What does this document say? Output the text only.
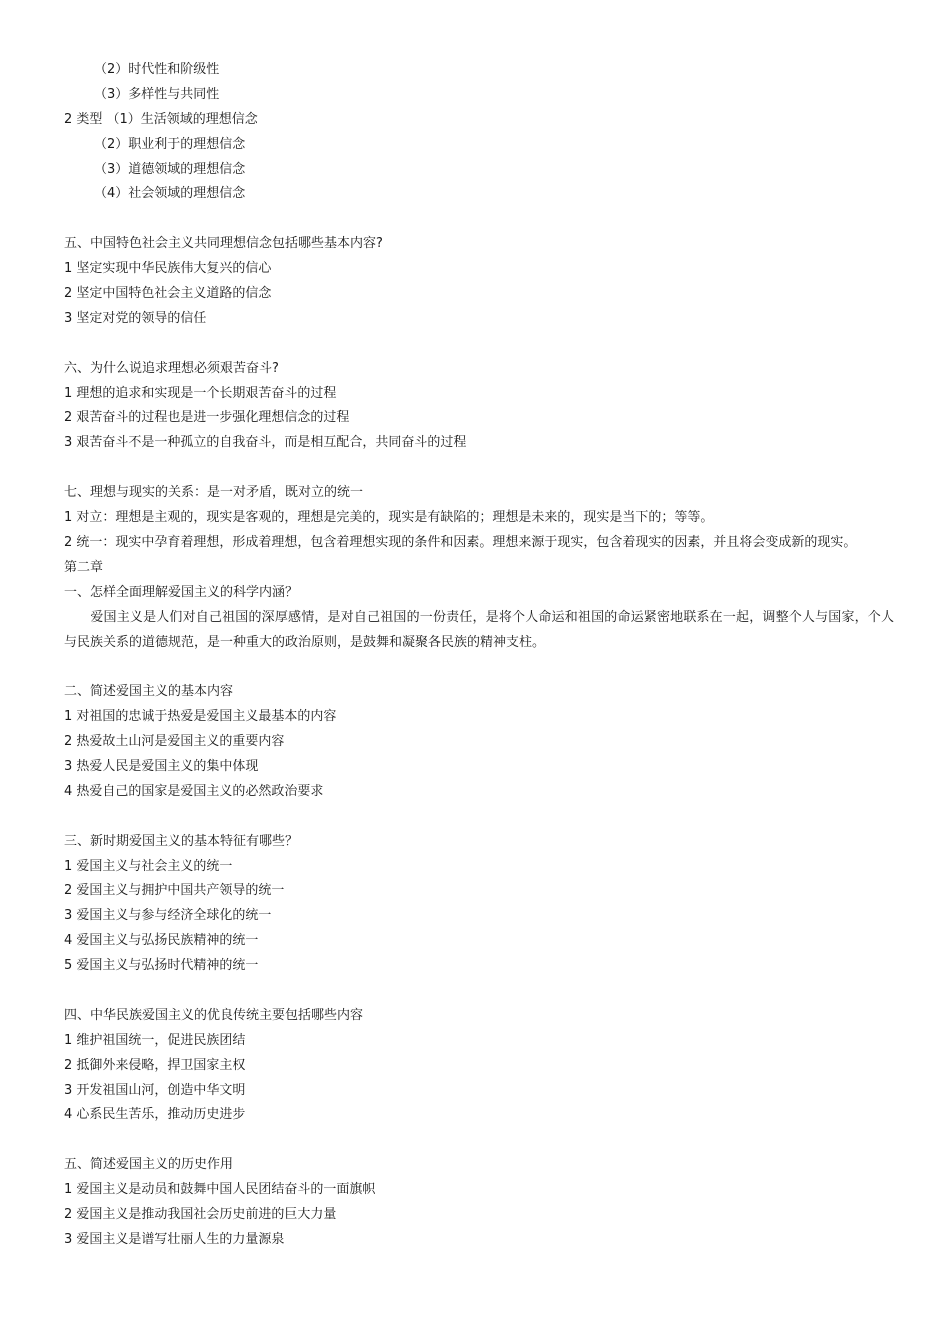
（2）时代性和阶级性
（3）多样性与共同性
2 类型 （1）生活领域的理想信念
（2）职业利于的理想信念
（3）道德领域的理想信念
（4）社会领域的理想信念
五、中国特色社会主义共同理想信念包括哪些基本内容?
1 坚定实现中华民族伟大复兴的信心
2 坚定中国特色社会主义道路的信念
3 坚定对党的领导的信任
六、为什么说追求理想必须艰苦奋斗?
1 理想的追求和实现是一个长期艰苦奋斗的过程
2 艰苦奋斗的过程也是进一步强化理想信念的过程
3 艰苦奋斗不是一种孤立的自我奋斗，而是相互配合，共同奋斗的过程
七、理想与现实的关系：是一对矛盾，既对立的统一
1 对立：理想是主观的，现实是客观的，理想是完美的，现实是有缺陷的；理想是未来的，现实是当下的；等等。
2 统一：现实中孕育着理想，形成着理想，包含着理想实现的条件和因素。理想来源于现实，包含着现实的因素，并且将会变成新的现实。
第二章
一、怎样全面理解爱国主义的科学内涵？
　　爱国主义是人们对自己祖国的深厚感情，是对自己祖国的一份责任，是将个人命运和祖国的命运紧密地联系在一起，调整个人与国家，个人与民族关系的道德规范，是一种重大的政治原则，是鼓舞和凝聚各民族的精神支柱。
二、简述爱国主义的基本内容
1 对祖国的忠诚于热爱是爱国主义最基本的内容
2 热爱故土山河是爱国主义的重要内容
3 热爱人民是爱国主义的集中体现
4 热爱自己的国家是爱国主义的必然政治要求
三、新时期爱国主义的基本特征有哪些？
1 爱国主义与社会主义的统一
2 爱国主义与拥护中国共产领导的统一
3 爱国主义与参与经济全球化的统一
4 爱国主义与弘扬民族精神的统一
5 爱国主义与弘扬时代精神的统一
四、中华民族爱国主义的优良传统主要包括哪些内容
1 维护祖国统一，促进民族团结
2 抵御外来侵略，捍卫国家主权
3 开发祖国山河，创造中华文明
4 心系民生苦乐，推动历史进步
五、简述爱国主义的历史作用
1 爱国主义是动员和鼓舞中国人民团结奋斗的一面旗帜
2 爱国主义是推动我国社会历史前进的巨大力量
3 爱国主义是谱写壮丽人生的力量源泉
